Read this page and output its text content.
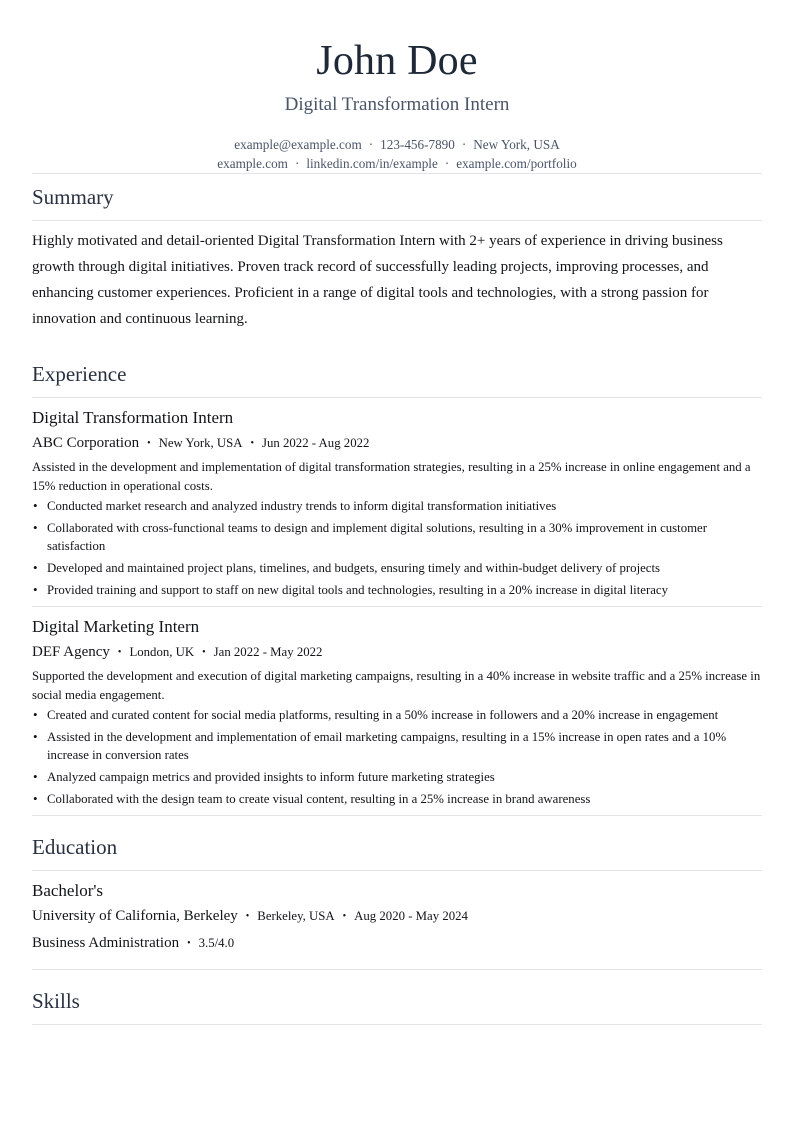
John Doe
Digital Transformation Intern
example@example.com · 123-456-7890 · New York, USA
example.com · linkedin.com/in/example · example.com/portfolio
Summary

Highly motivated and detail-oriented Digital Transformation Intern with 2+ years of experience in driving business growth through digital initiatives. Proven track record of successfully leading projects, improving processes, and enhancing customer experiences. Proficient in a range of digital tools and technologies, with a strong passion for innovation and continuous learning.

Experience
Digital Transformation Intern
ABC Corporation • New York, USA • Jun 2022 - Aug 2022
Assisted in the development and implementation of digital transformation strategies, resulting in a 25% increase in online engagement and a 15% reduction in operational costs.
• Conducted market research and analyzed industry trends to inform digital transformation initiatives
• Collaborated with cross-functional teams to design and implement digital solutions, resulting in a 30% improvement in customer satisfaction
• Developed and maintained project plans, timelines, and budgets, ensuring timely and within-budget delivery of projects
• Provided training and support to staff on new digital tools and technologies, resulting in a 20% increase in digital literacy
Digital Marketing Intern
DEF Agency • London, UK • Jan 2022 - May 2022
Supported the development and execution of digital marketing campaigns, resulting in a 40% increase in website traffic and a 25% increase in social media engagement.
• Created and curated content for social media platforms, resulting in a 50% increase in followers and a 20% increase in engagement
• Assisted in the development and implementation of email marketing campaigns, resulting in a 15% increase in open rates and a 10% increase in conversion rates
• Analyzed campaign metrics and provided insights to inform future marketing strategies
• Collaborated with the design team to create visual content, resulting in a 25% increase in brand awareness
Education
Bachelor's
University of California, Berkeley • Berkeley, USA • Aug 2020 - May 2024
Business Administration • 3.5/4.0
Skills
